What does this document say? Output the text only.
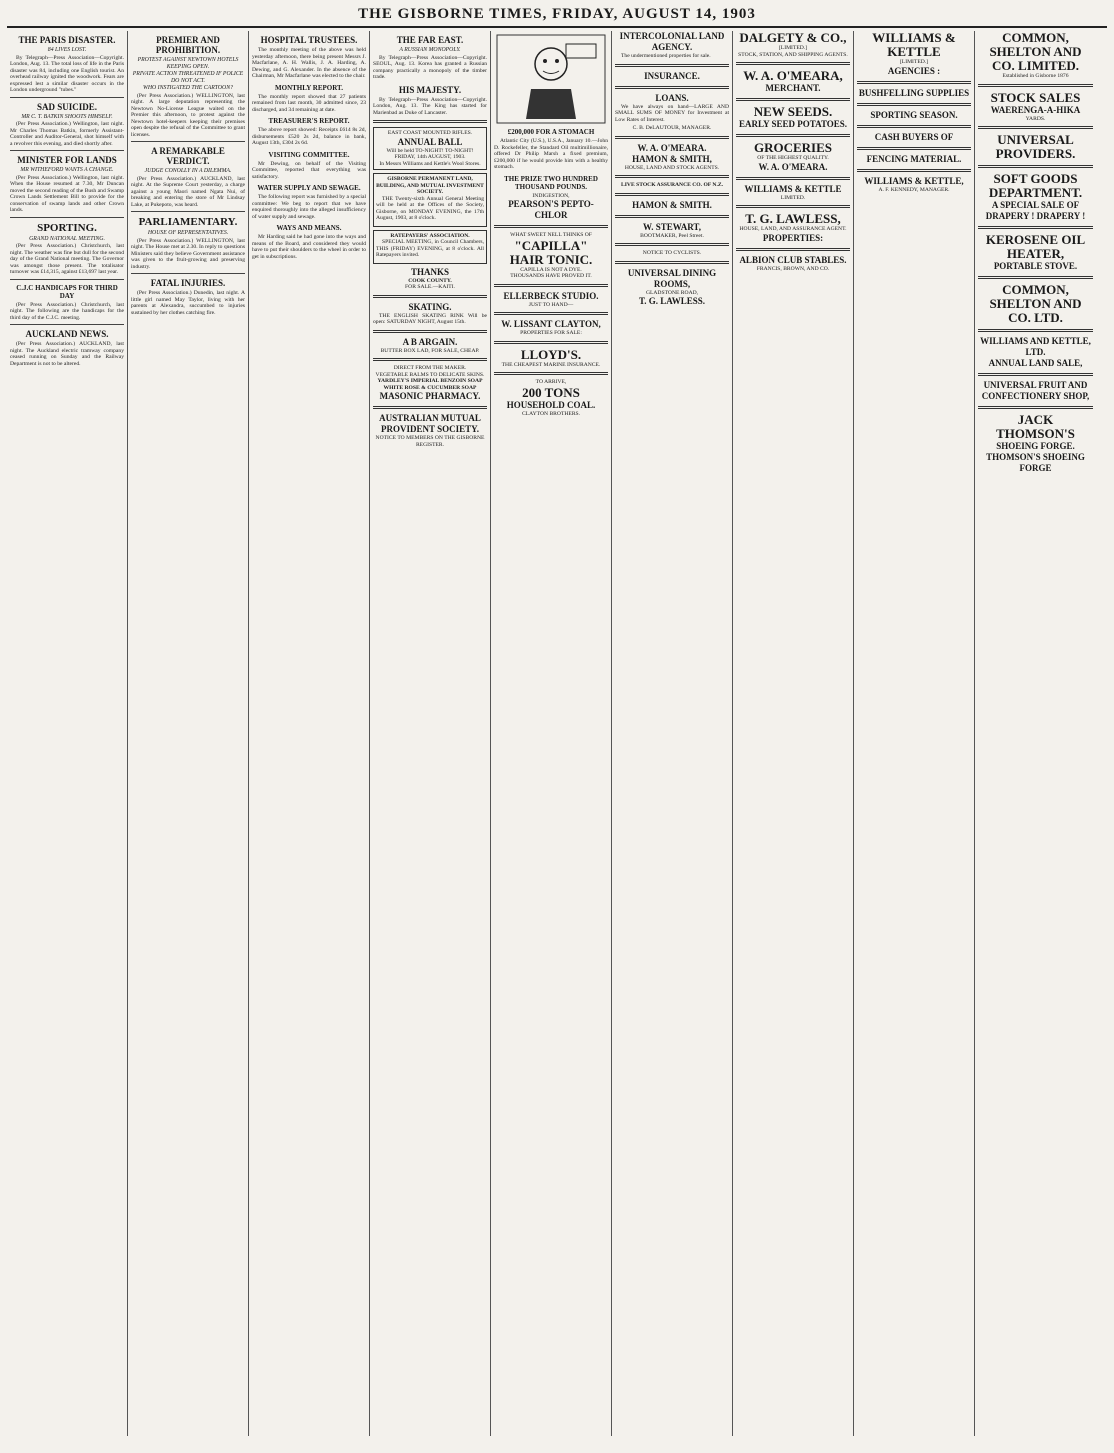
THE GISBORNE TIMES, FRIDAY, AUGUST 14, 1903
THE PARIS DISASTER.
84 LIVES LOST.

By Telegraph—Press Association—Copyright. London, Aug. 13. The total loss of life in the Paris disaster was 84, including one English tourist. An overhead railway ignited the woodwork. Fears are expressed lest a similar disaster occurs in the London underground "tubes."

SAD SUICIDE.
MR C. T. BATKIN SHOOTS HIMSELF.

(Per Press Association.) Wellington, last night. Mr Charles Thomas Batkin, formerly Assistant-Controller and Auditor-General, shot himself with a revolver this evening, and died shortly after.

MINISTER FOR LANDS
MR WITHEFORD WANTS A CHANGE.

(Per Press Association.) Wellington, last night. When the House resumed at 7.30, Mr Duncan moved the second reading of the Bush and Swamp Crown Lands Settlement Bill to provide for the conservation of swamp lands and other Crown lands.

SPORTING.
GRAND NATIONAL MEETING.

(Per Press Association.) Christchurch, last night. The weather was fine but dull for the second day of the Grand National meeting. The Governor was amongst those present. The totalisator turnover was £14,315, against £13,697 last year.

C.J.C HANDICAPS FOR THIRD DAY

(Per Press Association.) Christchurch, last night. The following are the handicaps for the third day of the C.J.C. meeting.

AUCKLAND NEWS.

(Per Press Association.) AUCKLAND, last night. The Auckland electric tramway company ceased running on Sunday and the Railway Department is not to be altered.

PREMIER AND PROHIBITION.
PROTEST AGAINST NEWTOWN HOTELS KEEPING OPEN.
PRIVATE ACTION THREATENED IF POLICE DO NOT ACT.
WHO INSTIGATED THE CARTOON?

(Per Press Association.) WELLINGTON, last night. A large deputation representing the Newtown No-License League waited on the Premier this afternoon, to protest against the Newtown hotel-keepers keeping their premises open despite the refusal of the Committee to grant licenses.

A REMARKABLE VERDICT.
JUDGE CONOLLY IN A DILEMMA.

(Per Press Association.) AUCKLAND, last night. At the Supreme Court yesterday, a charge against a young Maori named Ngata Nui, of breaking and entering the store of Mr Lindsay Lake, at Pukepoto, was heard.

PARLIAMENTARY.
HOUSE OF REPRESENTATIVES.

(Per Press Association.) WELLINGTON, last night. The House met at 2.30. In reply to questions Ministers said they believe Government assistance was given to the fruit-growing and preserving industry.

FATAL INJURIES.

(Per Press Association.) Dunedin, last night. A little girl named May Taylor, living with her parents at Alexandra, succumbed to injuries sustained by her clothes catching fire.

HOSPITAL TRUSTEES.

The monthly meeting of the above was held yesterday afternoon, there being present Messrs J. Macfarlane, A. H. Wallis, J. A. Harding, A. Dewing, and G. Alexander. In the absence of the Chairman, Mr Macfarlane was elected to the chair.

MONTHLY REPORT.

The monthly report showed that 27 patients remained from last month, 30 admitted since, 23 discharged, and 34 remaining at date.

TREASURER'S REPORT.

The above report showed: Receipts £614 8s 2d, disbursements £520 2s 2d, balance in bank, August 13th, £304 2s 6d.

VISITING COMMITTEE.

Mr Dewing, on behalf of the Visiting Committee, reported that everything was satisfactory.

WATER SUPPLY AND SEWAGE.

The following report was furnished by a special committee: We beg to report that we have enquired thoroughly into the alleged insufficiency of water supply and sewage.

WAYS AND MEANS.

Mr Harding said he had gone into the ways and means of the Board, and considered they would have to put their shoulders to the wheel in order to get in subscriptions.

THE FAR EAST.
A RUSSIAN MONOPOLY.

By Telegraph—Press Association—Copyright. SEOUL, Aug. 13. Korea has granted a Russian company practically a monopoly of the timber trade.

HIS MAJESTY.

By Telegraph—Press Association—Copyright. London, Aug. 13. The King has started for Marienbad as Duke of Lancaster.

EAST COAST MOUNTED RIFLES.
ANNUAL BALL
Will be held TO-NIGHT! TO-NIGHT! FRIDAY, 14th AUGUST, 1903.
In Messrs Williams and Kettle's Wool Stores.
GISBORNE PERMANENT LAND, BUILDING, AND MUTUAL INVESTMENT SOCIETY.

THE Twenty-sixth Annual General Meeting will be held at the Offices of the Society, Gisborne, on MONDAY EVENING, the 17th August, 1903, at 8 o'clock.

RATEPAYERS' ASSOCIATION.

SPECIAL MEETING, in Council Chambers, THIS (FRIDAY) EVENING, at 8 o'clock. All Ratepayers invited.

THANKS
COOK COUNTY.
FOR SALE.—KAITI.
SKATING.

THE ENGLISH SKATING RINK Will be open: SATURDAY NIGHT, August 15th.

A B ARGAIN.
BUTTER BOX LAD, FOR SALE, CHEAP.
DIRECT FROM THE MAKER.
VEGETABLE BALMS TO DELICATE SKINS.
YARDLEY'S IMPERIAL BENZOIN SOAP
WHITE ROSE & CUCUMBER SOAP
MASONIC PHARMACY.
AUSTRALIAN MUTUAL PROVIDENT SOCIETY.
NOTICE TO MEMBERS ON THE GISBORNE REGISTER.
£200,000 FOR A STOMACH

Atlantic City (U.S.), U.S.A., January 10.—John D. Rockefeller, the Standard Oil multimillionaire, offered Dr Philip Marsh a fixed premium, £200,000 if he would provide him with a healthy stomach.

THE PRIZE TWO HUNDRED THOUSAND POUNDS.
INDIGESTION,
PEARSON'S PEPTO-CHLOR
WHAT SWEET NELL THINKS OF
"CAPILLA"
HAIR TONIC.
CAPILLA IS NOT A DYE.
THOUSANDS HAVE PROVED IT.
ELLERBECK STUDIO.
JUST TO HAND—
W. LISSANT CLAYTON,
PROPERTIES FOR SALE:
LLOYD'S.
THE CHEAPEST MARINE INSURANCE.
TO ARRIVE,
200 TONS
HOUSEHOLD COAL.
CLAYTON BROTHERS.
INTERCOLONIAL LAND AGENCY.

The undermentioned properties for sale.

INSURANCE.
LOANS.

We have always on hand—LARGE AND SMALL SUMS OF MONEY for Investment at Low Rates of Interest.

C. B. DeLAUTOUR, MANAGER.
W. A. O'MEARA.
HAMON & SMITH,
HOUSE, LAND AND STOCK AGENTS.
LIVE STOCK ASSURANCE CO. OF N.Z.
HAMON & SMITH.
W. STEWART,
BOOTMAKER, Peel Street.
NOTICE TO CYCLISTS.
UNIVERSAL DINING ROOMS,
GLADSTONE ROAD,
T. G. LAWLESS.
DALGETY & CO.,
[LIMITED.]
STOCK, STATION, AND SHIPPING AGENTS.
W. A. O'MEARA,
MERCHANT.
NEW SEEDS.
EARLY SEED POTATOES.
GROCERIES
OF THE HIGHEST QUALITY.
W. A. O'MEARA.
WILLIAMS & KETTLE
LIMITED.
T. G. LAWLESS,
HOUSE, LAND, AND ASSURANCE AGENT.
PROPERTIES:
ALBION CLUB STABLES.
FRANCIS, BROWN, AND CO.
WILLIAMS & KETTLE
[LIMITED.]
AGENCIES :
BUSHFELLING SUPPLIES
SPORTING SEASON.
CASH BUYERS OF
FENCING MATERIAL.
WILLIAMS & KETTLE,
A. F. KENNEDY, MANAGER.
COMMON, SHELTON AND CO. LIMITED.
Established in Gisborne 1876
STOCK SALES
WAERENGA-A-HIKA
YARDS.
UNIVERSAL PROVIDERS.
SOFT GOODS DEPARTMENT.
A SPECIAL SALE OF DRAPERY ! DRAPERY !
KEROSENE OIL HEATER,
PORTABLE STOVE.
COMMON, SHELTON AND CO. LTD.
WILLIAMS AND KETTLE, LTD.
ANNUAL LAND SALE,
UNIVERSAL FRUIT AND CONFECTIONERY SHOP,
JACK THOMSON'S
SHOEING FORGE.
THOMSON'S SHOEING FORGE
